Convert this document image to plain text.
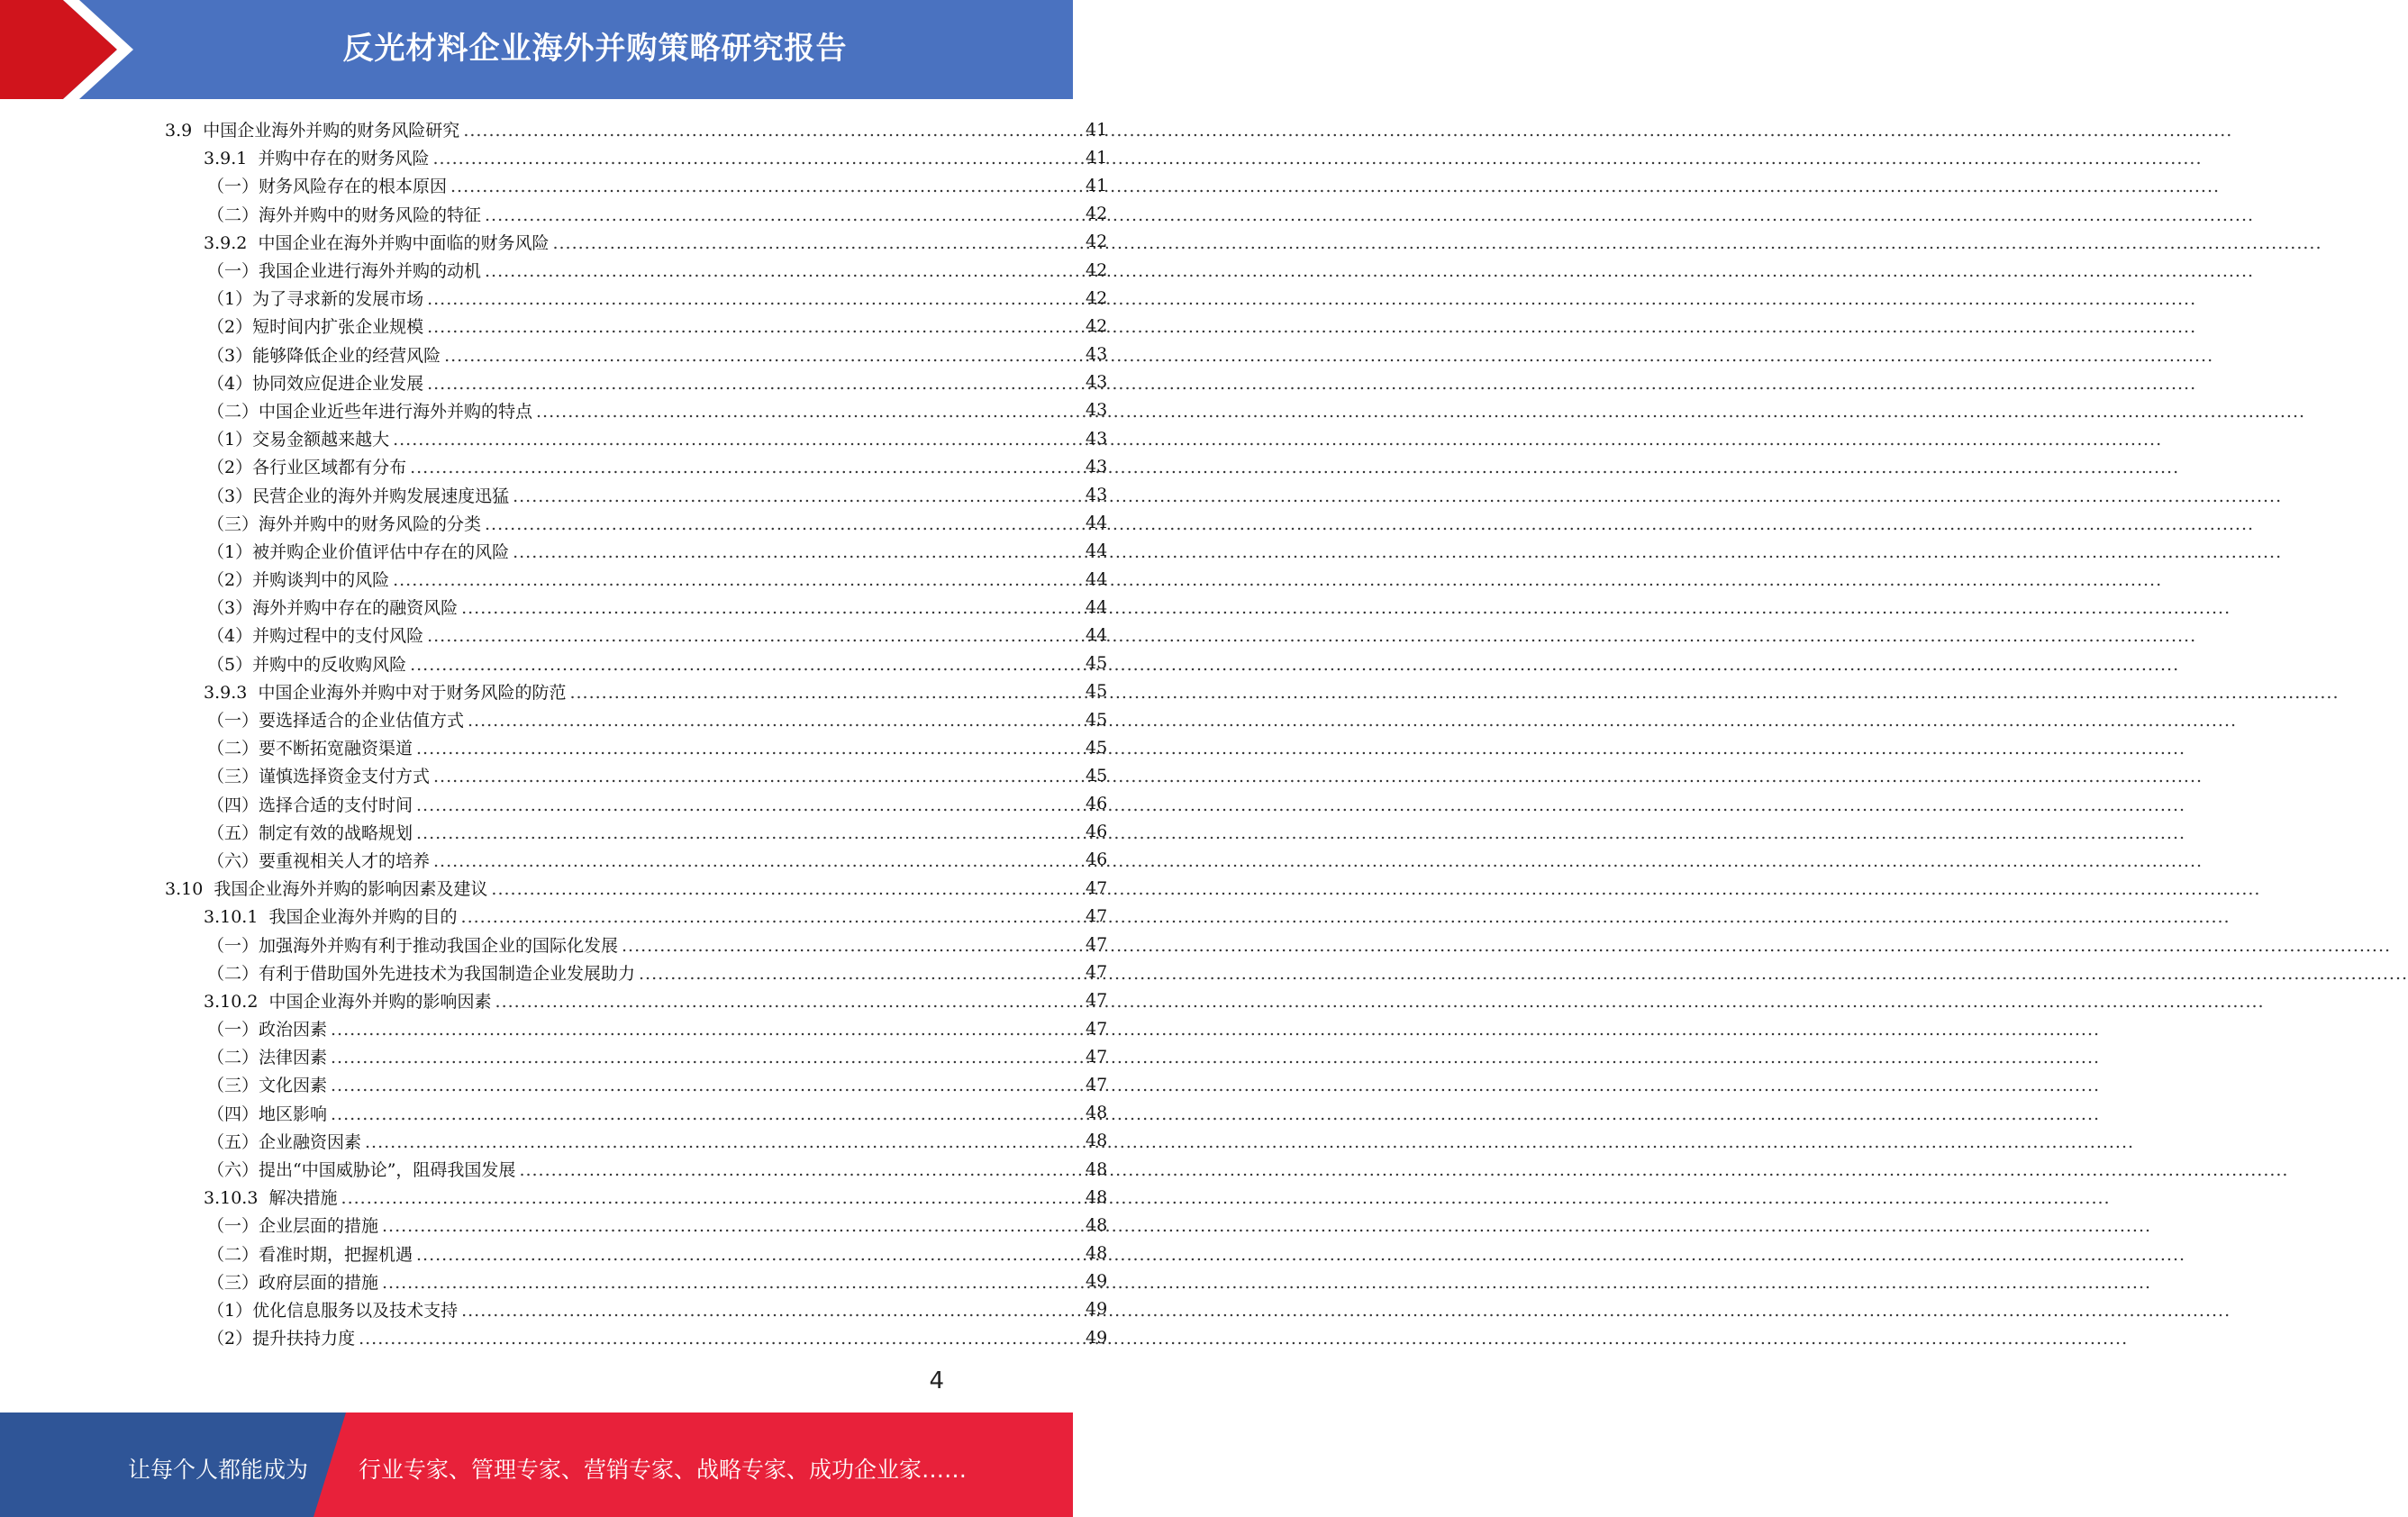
反光材料企业海外并购策略研究报告
3.9 中国企业海外并购的财务风险研究 .....	41
3.9.1 并购中存在的财务风险 .....	41
（一）财务风险存在的根本原因 .....	41
（二）海外并购中的财务风险的特征 .....	42
3.9.2 中国企业在海外并购中面临的财务风险 .....	42
（一）我国企业进行海外并购的动机 .....	42
（1）为了寻求新的发展市场 .....	42
（2）短时间内扩张企业规模 .....	42
（3）能够降低企业的经营风险 .....	43
（4）协同效应促进企业发展 .....	43
（二）中国企业近些年进行海外并购的特点 .....	43
（1）交易金额越来越大 .....	43
（2）各行业区域都有分布 .....	43
（3）民营企业的海外并购发展速度迅猛 .....	43
（三）海外并购中的财务风险的分类 .....	44
（1）被并购企业价值评估中存在的风险 .....	44
（2）并购谈判中的风险 .....	44
（3）海外并购中存在的融资风险 .....	44
（4）并购过程中的支付风险 .....	44
（5）并购中的反收购风险 .....	45
3.9.3 中国企业海外并购中对于财务风险的防范 .....	45
（一）要选择适合的企业估值方式 .....	45
（二）要不断拓宽融资渠道 .....	45
（三）谨慎选择资金支付方式 .....	45
（四）选择合适的支付时间 .....	46
（五）制定有效的战略规划 .....	46
（六）要重视相关人才的培养 .....	46
3.10 我国企业海外并购的影响因素及建议 .....	47
3.10.1 我国企业海外并购的目的 .....	47
（一）加强海外并购有利于推动我国企业的国际化发展 .....	47
（二）有利于借助国外先进技术为我国制造企业发展助力 .....	47
3.10.2 中国企业海外并购的影响因素 .....	47
（一）政治因素 .....	47
（二）法律因素 .....	47
（三）文化因素 .....	47
（四）地区影响 .....	48
（五）企业融资因素 .....	48
（六）提出“中国威胁论”，阻碍我国发展 .....	48
3.10.3 解决措施 .....	48
（一）企业层面的措施 .....	48
（二）看准时期，把握机遇 .....	48
（三）政府层面的措施 .....	49
（1）优化信息服务以及技术支持 .....	49
（2）提升扶持力度 .....	49
4
让每个人都能成为 行业专家、管理专家、营销专家、战略专家、成功企业家……
